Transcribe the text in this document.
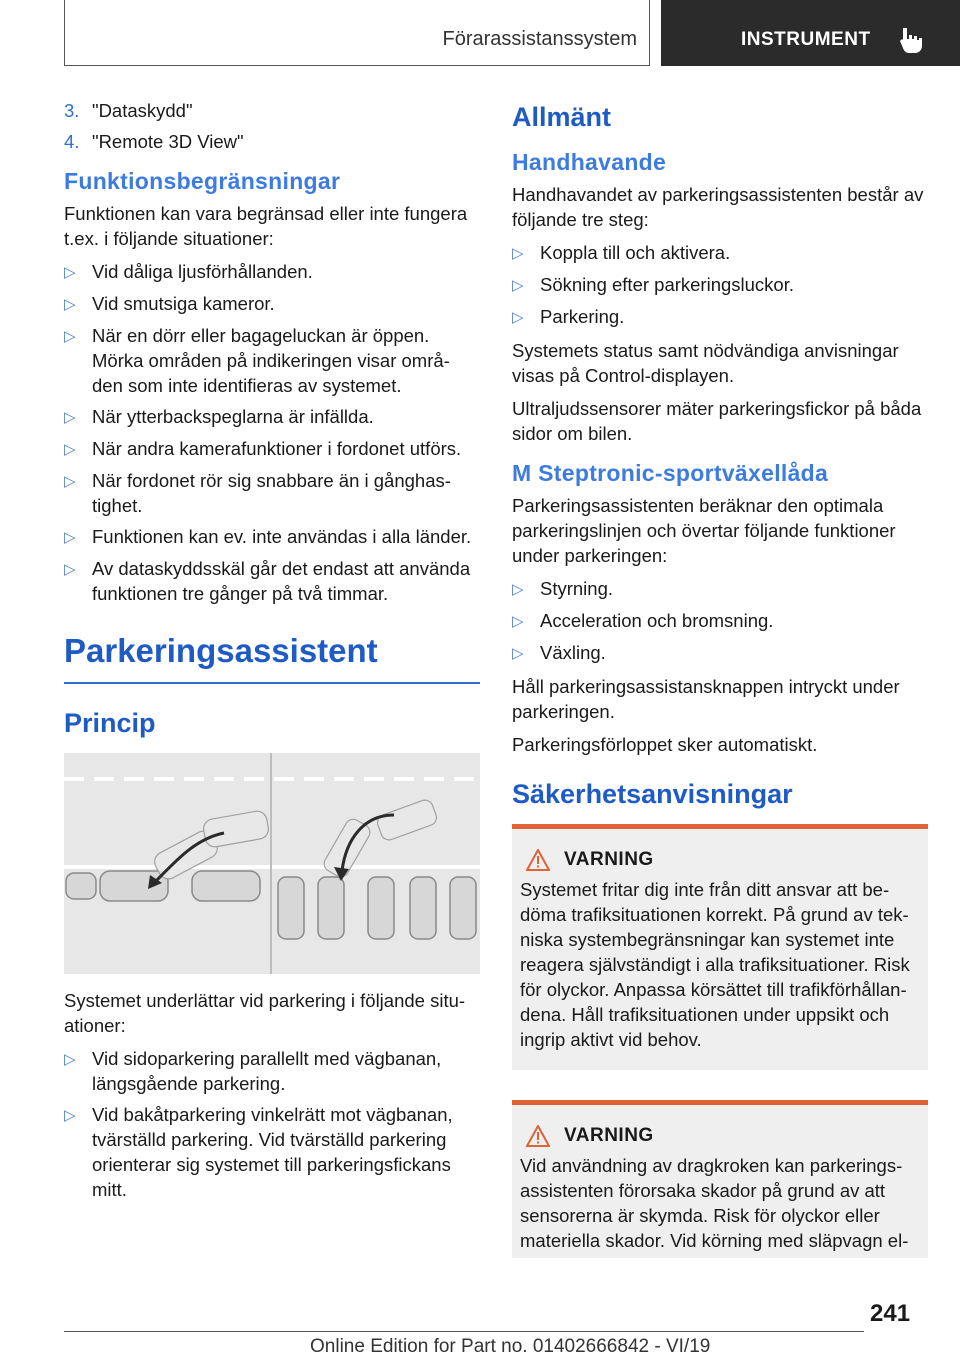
Förarassistanssystem	INSTRUMENT
3. "Dataskydd"
4. "Remote 3D View"
Funktionsbegränsningar

Funktionen kan vara begränsad eller inte fungera t.ex. i följande situationer:

▷ Vid dåliga ljusförhållanden.
▷ Vid smutsiga kameror.
▷ När en dörr eller bagageluckan är öppen. Mörka områden på indikeringen visar områ-den som inte identifieras av systemet.
▷ När ytterbackspeglarna är infällda.
▷ När andra kamerafunktioner i fordonet utförs.
▷ När fordonet rör sig snabbare än i gånghas-tighet.
▷ Funktionen kan ev. inte användas i alla länder.
▷ Av dataskyddsskäl går det endast att använda funktionen tre gånger på två timmar.
Parkeringsassistent
Princip

Systemet underlättar vid parkering i följande situ-ationer:

▷ Vid sidoparkering parallellt med vägbanan, längsgående parkering.
▷ Vid bakåtparkering vinkelrätt mot vägbanan, tvärställd parkering. Vid tvärställd parkering orienterar sig systemet till parkeringsfickans mitt.
Allmänt
Handhavande

Handhavandet av parkeringsassistenten består av följande tre steg:

▷ Koppla till och aktivera.
▷ Sökning efter parkeringsluckor.
▷ Parkering.

Systemets status samt nödvändiga anvisningar visas på Control-displayen.

Ultraljudssensorer mäter parkeringsfickor på båda sidor om bilen.

M Steptronic-sportväxellåda

Parkeringsassistenten beräknar den optimala parkeringslinjen och övertar följande funktioner under parkeringen:

▷ Styrning.
▷ Acceleration och bromsning.
▷ Växling.

Håll parkeringsassistansknappen intryckt under parkeringen.

Parkeringsförloppet sker automatiskt.

Säkerhetsanvisningar
VARNING

Systemet fritar dig inte från ditt ansvar att be-döma trafiksituationen korrekt. På grund av tek-niska systembegränsningar kan systemet inte reagera självständigt i alla trafiksituationer. Risk för olyckor. Anpassa körsättet till trafikförhållan-dena. Håll trafiksituationen under uppsikt och ingrip aktivt vid behov.

VARNING

Vid användning av dragkroken kan parkerings-assistenten förorsaka skador på grund av att sensorerna är skymda. Risk för olyckor eller materiella skador. Vid körning med släpvagn el-

241
Online Edition for Part no. 01402666842 - VI/19
